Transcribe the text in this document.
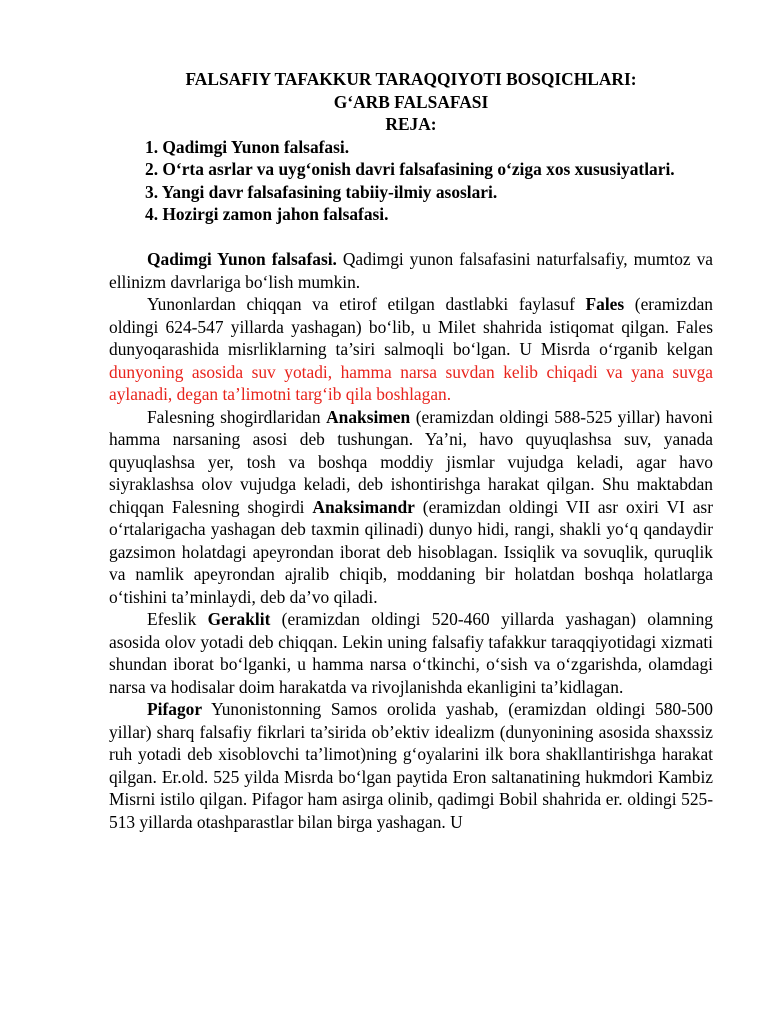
FALSAFIY TAFAKKUR TARAQQIYOTI BOSQICHLARI:

G‘ARB FALSAFASI

REJA:

1. Qadimgi Yunon falsafasi.

2. O‘rta asrlar va uyg‘onish davri falsafasining o‘ziga xos xususiyatlari.

3. Yangi davr falsafasining tabiiy-ilmiy asoslari.

4. Hozirgi zamon jahon falsafasi.

Qadimgi Yunon falsafasi. Qadimgi yunon falsafasini naturfalsafiy, mumtoz va ellinizm davrlariga bo‘lish mumkin.

Yunonlardan chiqqan va etirof etilgan dastlabki faylasuf Fales (eramizdan oldingi 624-547 yillarda yashagan) bo‘lib, u Milet shahrida istiqomat qilgan. Fales dunyoqarashida misrliklarning ta’siri salmoqli bo‘lgan. U Misrda o‘rganib kelgan dunyoning asosida suv yotadi, hamma narsa suvdan kelib chiqadi va yana suvga aylanadi, degan ta’limotni targ‘ib qila boshlagan.

Falesning shogirdlaridan Anaksimen (eramizdan oldingi 588-525 yillar) havoni hamma narsaning asosi deb tushungan. Ya’ni, havo quyuqlashsa suv, yanada quyuqlashsa yer, tosh va boshqa moddiy jismlar vujudga keladi, agar havo siyraklashsa olov vujudga keladi, deb ishontirishga harakat qilgan. Shu maktabdan chiqqan Falesning shogirdi Anaksimandr (eramizdan oldingi VII asr oxiri VI asr o‘rtalarigacha yashagan deb taxmin qilinadi) dunyo hidi, rangi, shakli yo‘q qandaydir gazsimon holatdagi apeyrondan iborat deb hisoblagan. Issiqlik va sovuqlik, quruqlik va namlik apeyrondan ajralib chiqib, moddaning bir holatdan boshqa holatlarga o‘tishini ta’minlaydi, deb da’vo qiladi.

Efeslik Geraklit (eramizdan oldingi 520-460 yillarda yashagan) olamning asosida olov yotadi deb chiqqan. Lekin uning falsafiy tafakkur taraqqiyotidagi xizmati shundan iborat bo‘lganki, u hamma narsa o‘tkinchi, o‘sish va o‘zgarishda, olamdagi narsa va hodisalar doim harakatda va rivojlanishda ekanligini ta’kidlagan.

Pifagor Yunonistonning Samos orolida yashab, (eramizdan oldingi 580-500 yillar) sharq falsafiy fikrlari ta’sirida ob’ektiv idealizm (dunyonining asosida shaxssiz ruh yotadi deb xisoblovchi ta’limot)ning g‘oyalarini ilk bora shakllantirishga harakat qilgan. Er.old. 525 yilda Misrda bo‘lgan paytida Eron saltanatining hukmdori Kambiz Misrni istilo qilgan. Pifagor ham asirga olinib, qadimgi Bobil shahrida er. oldingi 525-513 yillarda otashparastlar bilan birga yashagan. U
